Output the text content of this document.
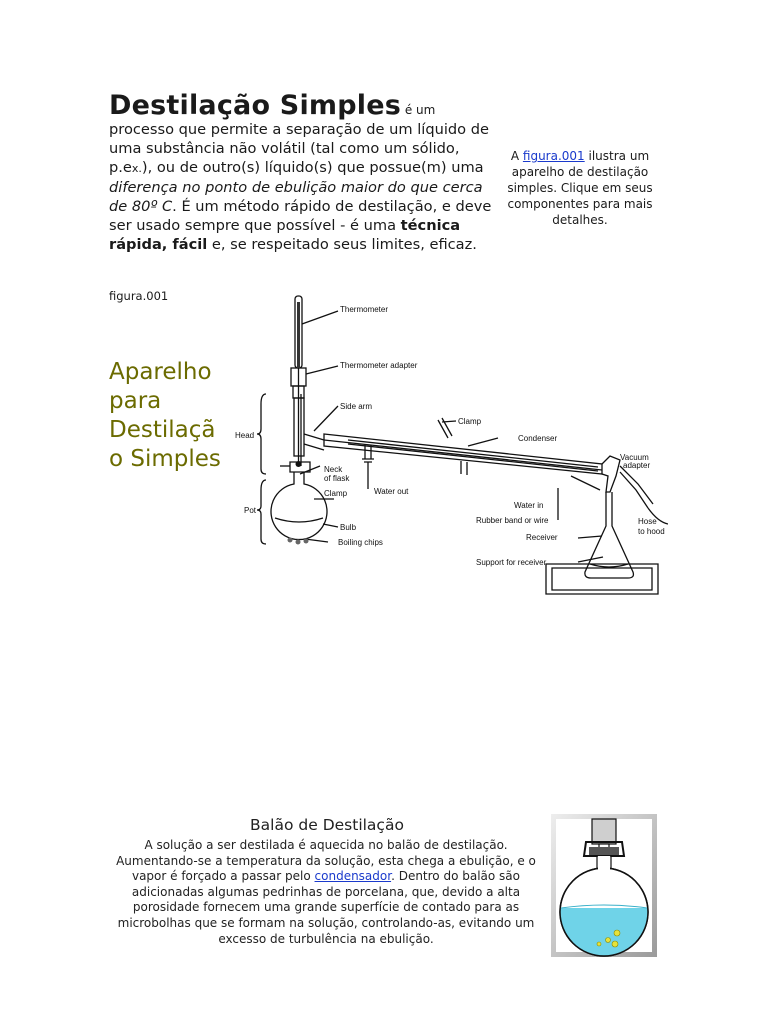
Destilação Simples é um
processo que permite a separação de um líquido de uma substância não volátil (tal como um sólido, p.ex.), ou de outro(s) líquido(s) que possue(m) uma diferença no ponto de ebulição maior do que cerca de 80º C. É um método rápido de destilação, e deve ser usado sempre que possível - é uma técnica rápida, fácil e, se respeitado seus limites, eficaz.
A figura.001 ilustra um aparelho de destilação simples. Clique em seus componentes para mais detalhes.
figura.001
Aparelho para Destilaçã o Simples
Thermometer
Thermometer adapter
Side arm
Head
Neck
of flask
Clamp
Pot
Bulb
Boiling chips
Water out
Clamp
Condenser
Vacuum
adapter
Water in
Rubber band or wire
Receiver
Support for receiver
Hose
to hood
Balão de Destilação
A solução a ser destilada é aquecida no balão de destilação. Aumentando-se a temperatura da solução, esta chega a ebulição, e o vapor é forçado a passar pelo condensador. Dentro do balão são adicionadas algumas pedrinhas de porcelana, que, devido a alta porosidade fornecem uma grande superfície de contado para as microbolhas que se formam na solução, controlando-as, evitando um excesso de turbulência na ebulição.
